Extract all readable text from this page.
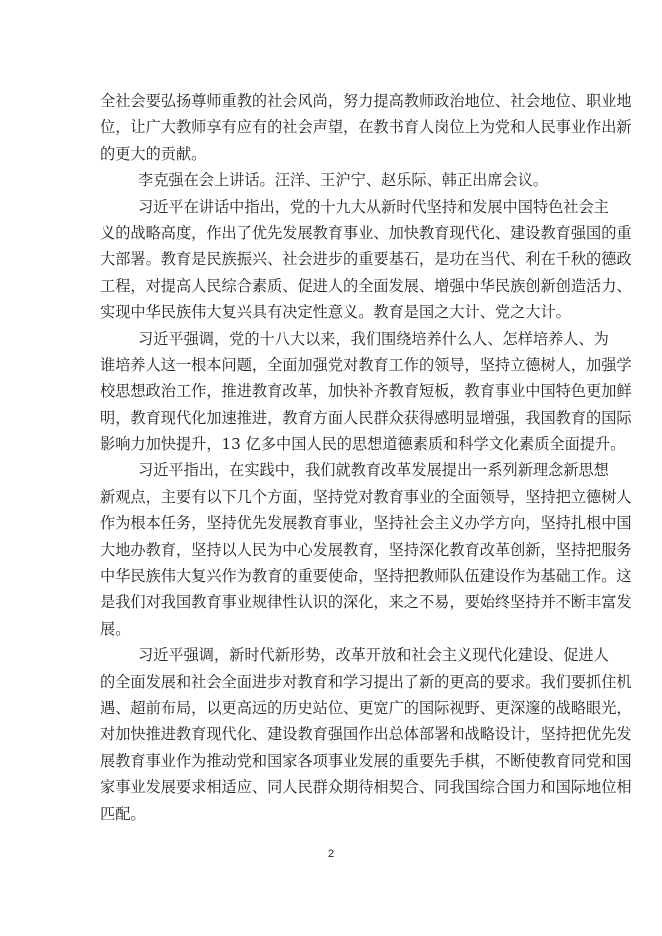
全社会要弘扬尊师重教的社会风尚，努力提高教师政治地位、社会地位、职业地
位，让广大教师享有应有的社会声望，在教书育人岗位上为党和人民事业作出新
的更大的贡献。
李克强在会上讲话。汪洋、王沪宁、赵乐际、韩正出席会议。
习近平在讲话中指出，党的十九大从新时代坚持和发展中国特色社会主
义的战略高度，作出了优先发展教育事业、加快教育现代化、建设教育强国的重
大部署。教育是民族振兴、社会进步的重要基石，是功在当代、利在千秋的德政
工程，对提高人民综合素质、促进人的全面发展、增强中华民族创新创造活力、
实现中华民族伟大复兴具有决定性意义。教育是国之大计、党之大计。
习近平强调，党的十八大以来，我们围绕培养什么人、怎样培养人、为
谁培养人这一根本问题，全面加强党对教育工作的领导，坚持立德树人，加强学
校思想政治工作，推进教育改革，加快补齐教育短板，教育事业中国特色更加鲜
明，教育现代化加速推进，教育方面人民群众获得感明显增强，我国教育的国际
影响力加快提升，13 亿多中国人民的思想道德素质和科学文化素质全面提升。
习近平指出，在实践中，我们就教育改革发展提出一系列新理念新思想
新观点，主要有以下几个方面，坚持党对教育事业的全面领导，坚持把立德树人
作为根本任务，坚持优先发展教育事业，坚持社会主义办学方向，坚持扎根中国
大地办教育，坚持以人民为中心发展教育，坚持深化教育改革创新，坚持把服务
中华民族伟大复兴作为教育的重要使命，坚持把教师队伍建设作为基础工作。这
是我们对我国教育事业规律性认识的深化，来之不易，要始终坚持并不断丰富发
展。
习近平强调，新时代新形势，改革开放和社会主义现代化建设、促进人
的全面发展和社会全面进步对教育和学习提出了新的更高的要求。我们要抓住机
遇、超前布局，以更高远的历史站位、更宽广的国际视野、更深邃的战略眼光，
对加快推进教育现代化、建设教育强国作出总体部署和战略设计，坚持把优先发
展教育事业作为推动党和国家各项事业发展的重要先手棋，不断使教育同党和国
家事业发展要求相适应、同人民群众期待相契合、同我国综合国力和国际地位相
匹配。
2
